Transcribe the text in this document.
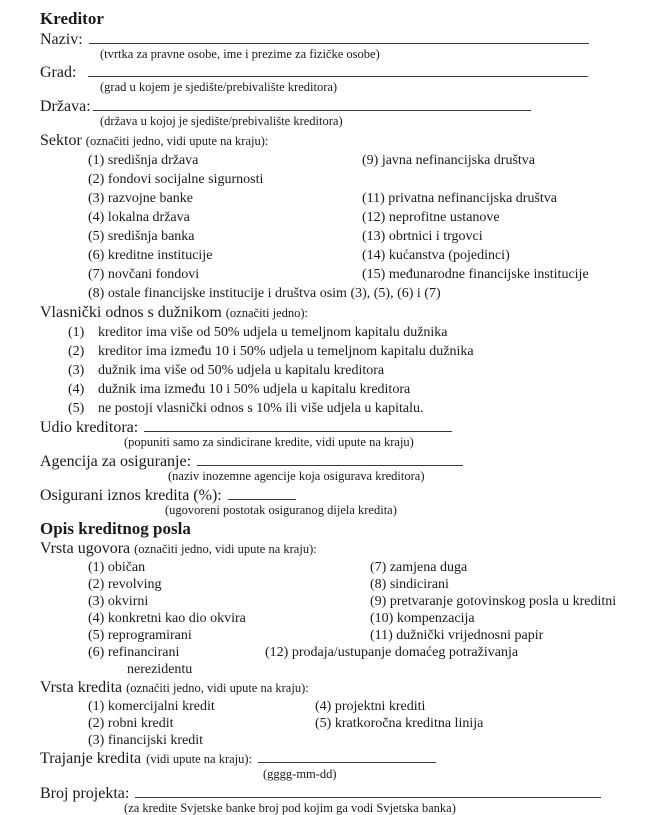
Kreditor
Naziv:
(tvrtka za pravne osobe, ime i prezime za fizičke osobe)
Grad:
(grad u kojem je sjedište/prebivalište kreditora)
Država:
(država u kojoj je sjedište/prebivalište kreditora)
Sektor (označiti jedno, vidi upute na kraju):
(1) središnja država	(9) javna nefinancijska društva
(2) fondovi socijalne sigurnosti
(3) razvojne banke	(11) privatna nefinancijska društva
(4) lokalna država	(12) neprofitne ustanove
(5) središnja banka	(13) obrtnici i trgovci
(6) kreditne institucije	(14) kućanstva (pojedinci)
(7) novčani fondovi	(15) međunarodne financijske institucije
(8) ostale financijske institucije i društva osim (3), (5), (6) i (7)
Vlasnički odnos s dužnikom (označiti jedno):
(1) kreditor ima više od 50% udjela u temeljnom kapitalu dužnika
(2) kreditor ima između 10 i 50% udjela u temeljnom kapitalu dužnika
(3) dužnik ima više od 50% udjela u kapitalu kreditora
(4) dužnik ima između 10 i 50% udjela u kapitalu kreditora
(5) ne postoji vlasnički odnos s 10% ili više udjela u kapitalu.
Udio kreditora:
(popuniti samo za sindicirane kredite, vidi upute na kraju)
Agencija za osiguranje:
(naziv inozemne agencije koja osigurava kreditora)
Osigurani iznos kredita (%):
(ugovoreni postotak osiguranog dijela kredita)
Opis kreditnog posla
Vrsta ugovora (označiti jedno, vidi upute na kraju):
(1) običan	(7) zamjena duga
(2) revolving	(8) sindicirani
(3) okvirni	(9) pretvaranje gotovinskog posla u kreditni
(4) konkretni kao dio okvira	(10) kompenzacija
(5) reprogramirani	(11) dužnički vrijednosni papir
(6) refinancirani	(12) prodaja/ustupanje domaćeg potraživanja
nerezidentu
Vrsta kredita (označiti jedno, vidi upute na kraju):
(1) komercijalni kredit	(4) projektni krediti
(2) robni kredit	(5) kratkoročna kreditna linija
(3) financijski kredit
Trajanje kredita (vidi upute na kraju):
(gggg-mm-dd)
Broj projekta:
(za kredite Svjetske banke broj pod kojim ga vodi Svjetska banka)
